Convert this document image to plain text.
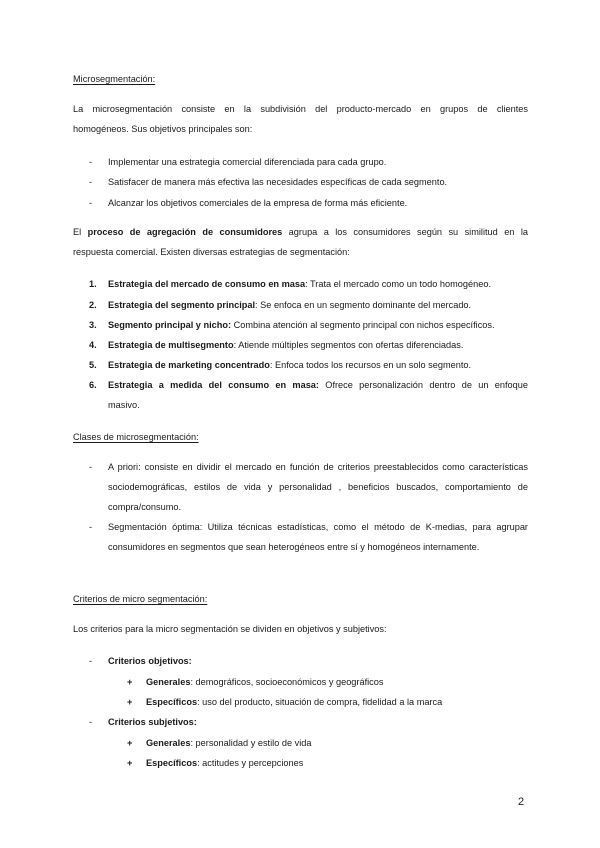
Microsegmentación:
La microsegmentación consiste en la subdivisión del producto-mercado en grupos de clientes
homogéneos. Sus objetivos principales son:
- Implementar una estrategia comercial diferenciada para cada grupo.
- Satisfacer de manera más efectiva las necesidades específicas de cada segmento.
- Alcanzar los objetivos comerciales de la empresa de forma más eficiente.
El proceso de agregación de consumidores agrupa a los consumidores según su similitud en la
respuesta comercial. Existen diversas estrategias de segmentación:
1. Estrategia del mercado de consumo en masa: Trata el mercado como un todo homogéneo.
2. Estrategia del segmento principal: Se enfoca en un segmento dominante del mercado.
3. Segmento principal y nicho: Combina atención al segmento principal con nichos específicos.
4. Estrategia de multisegmento: Atiende múltiples segmentos con ofertas diferenciadas.
5. Estrategia de marketing concentrado: Enfoca todos los recursos en un solo segmento.
6. Estrategia a medida del consumo en masa: Ofrece personalización dentro de un enfoque
masivo.
Clases de microsegmentación:
- A priori: consiste en dividir el mercado en función de criterios preestablecidos como características sociodemográficas, estilos de vida y personalidad , beneficios buscados, comportamiento de compra/consumo.
- Segmentación óptima: Utiliza técnicas estadísticas, como el método de K-medias, para agrupar consumidores en segmentos que sean heterogéneos entre sí y homogéneos internamente.
Criterios de micro segmentación:
Los criterios para la micro segmentación se dividen en objetivos y subjetivos:
- Criterios objetivos:
+ Generales: demográficos, socioeconómicos y geográficos
+ Específicos: uso del producto, situación de compra, fidelidad a la marca
- Criterios subjetivos:
+ Generales: personalidad y estilo de vida
+ Específicos: actitudes y percepciones
2
